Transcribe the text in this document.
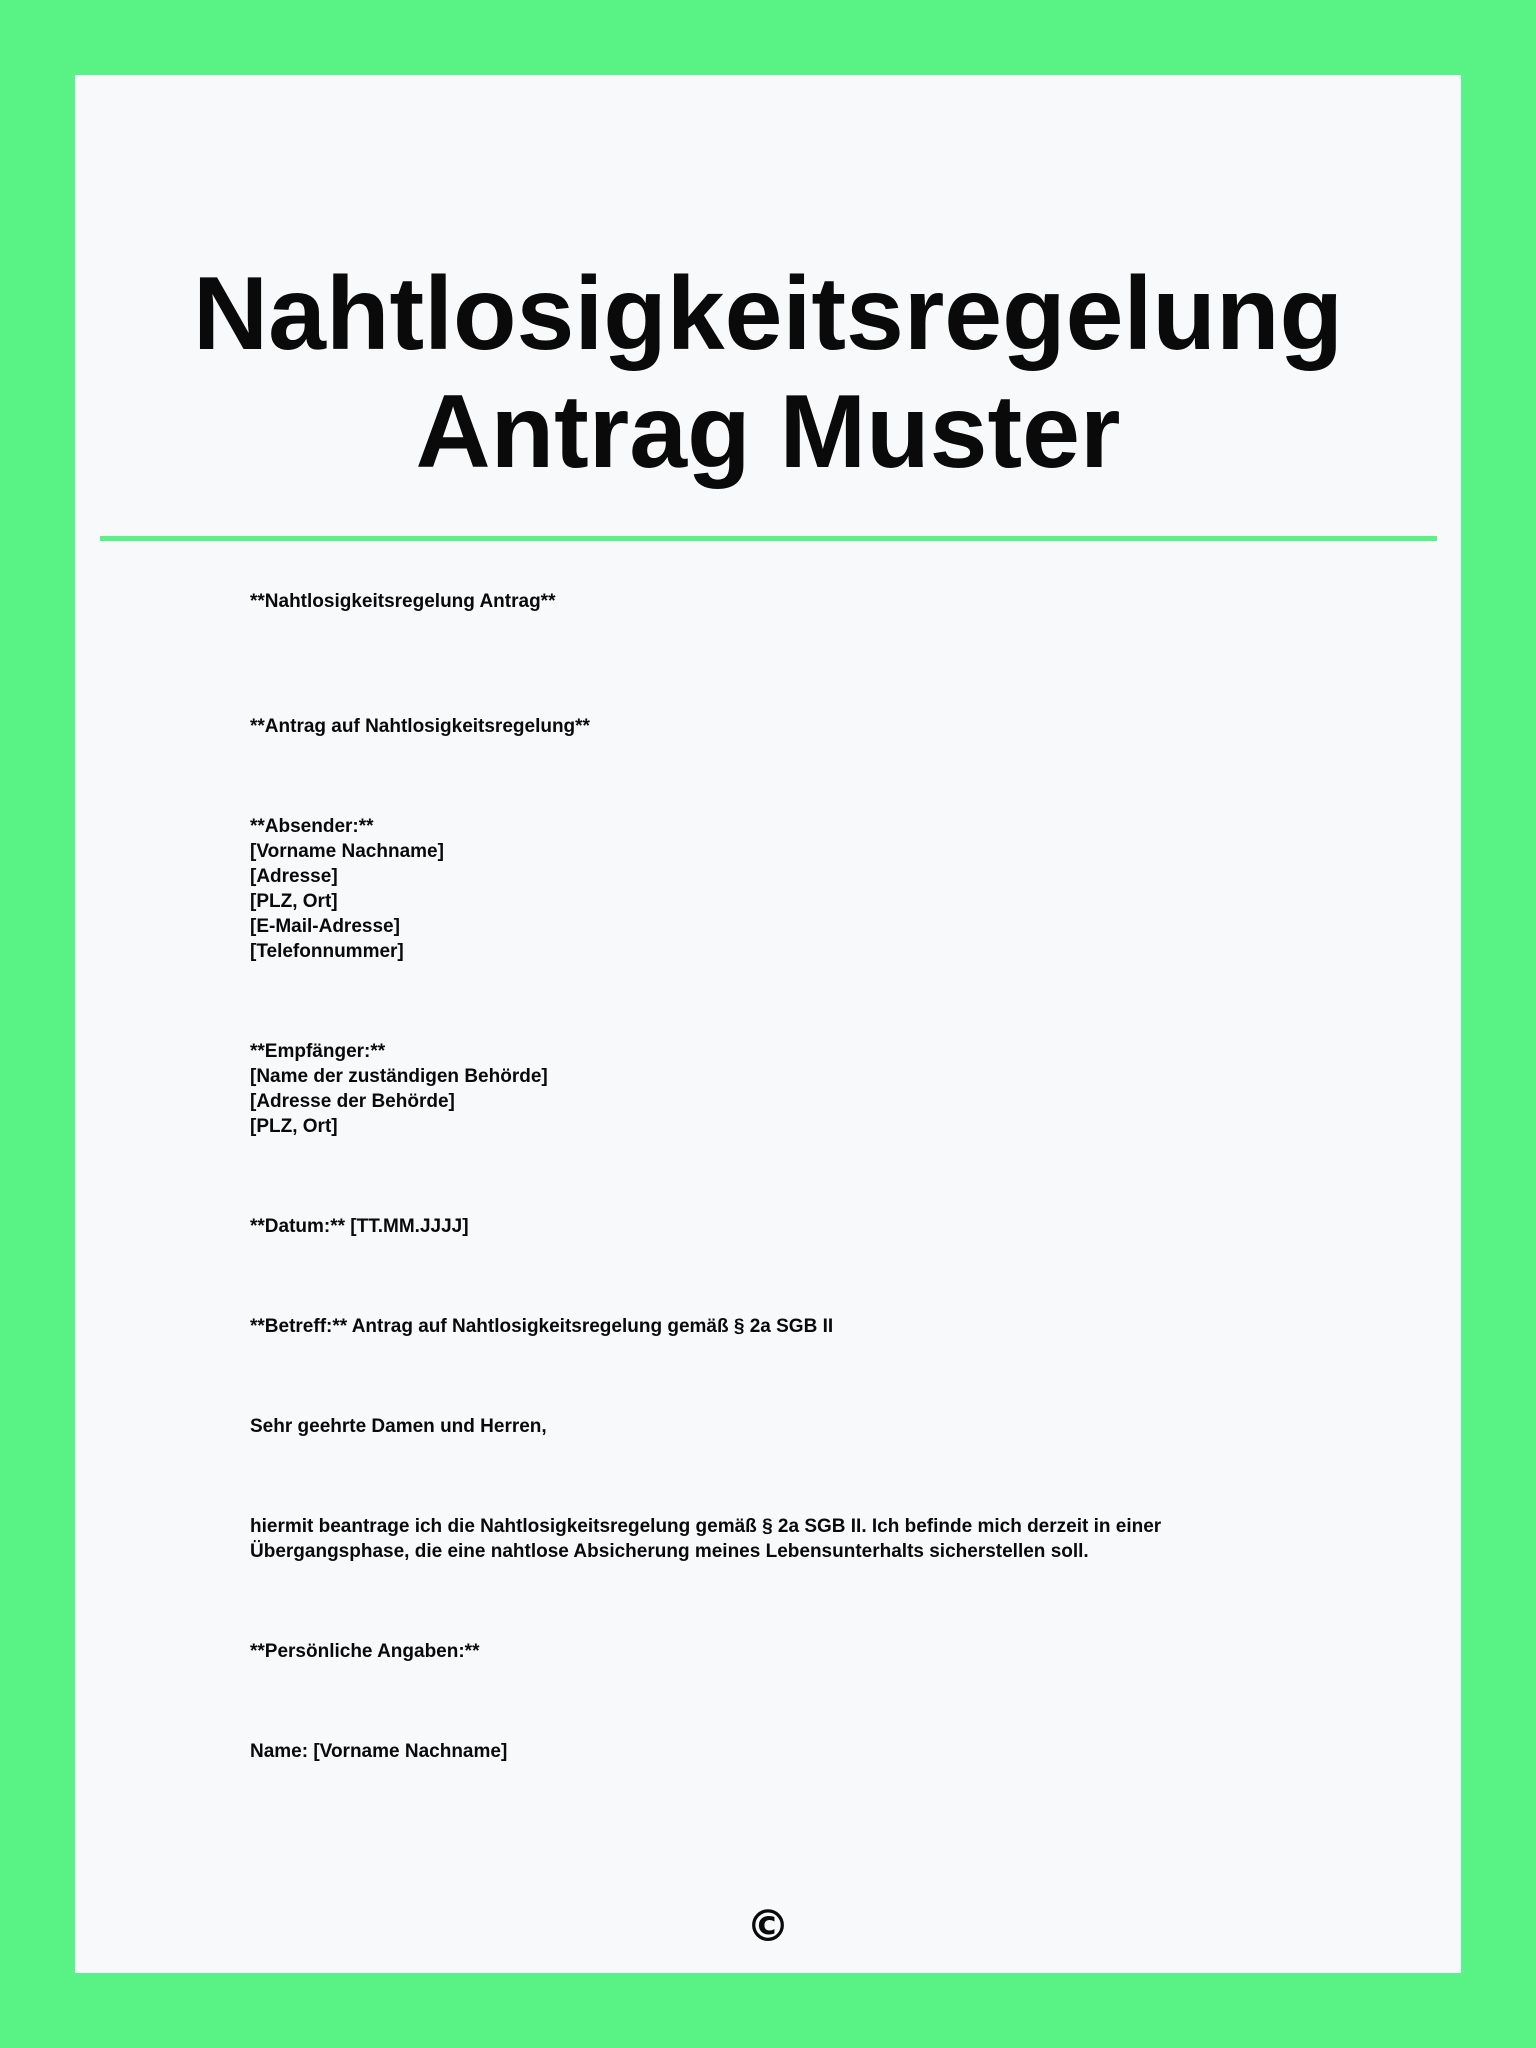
Nahtlosigkeitsregelung
Antrag Muster
**Nahtlosigkeitsregelung Antrag**
**Antrag auf Nahtlosigkeitsregelung**
**Absender:**
[Vorname Nachname]
[Adresse]
[PLZ, Ort]
[E-Mail-Adresse]
[Telefonnummer]
**Empfänger:**
[Name der zuständigen Behörde]
[Adresse der Behörde]
[PLZ, Ort]
**Datum:** [TT.MM.JJJJ]
**Betreff:** Antrag auf Nahtlosigkeitsregelung gemäß § 2a SGB II
Sehr geehrte Damen und Herren,
hiermit beantrage ich die Nahtlosigkeitsregelung gemäß § 2a SGB II. Ich befinde mich derzeit in einer
Übergangsphase, die eine nahtlose Absicherung meines Lebensunterhalts sicherstellen soll.
**Persönliche Angaben:**
Name: [Vorname Nachname]
©
